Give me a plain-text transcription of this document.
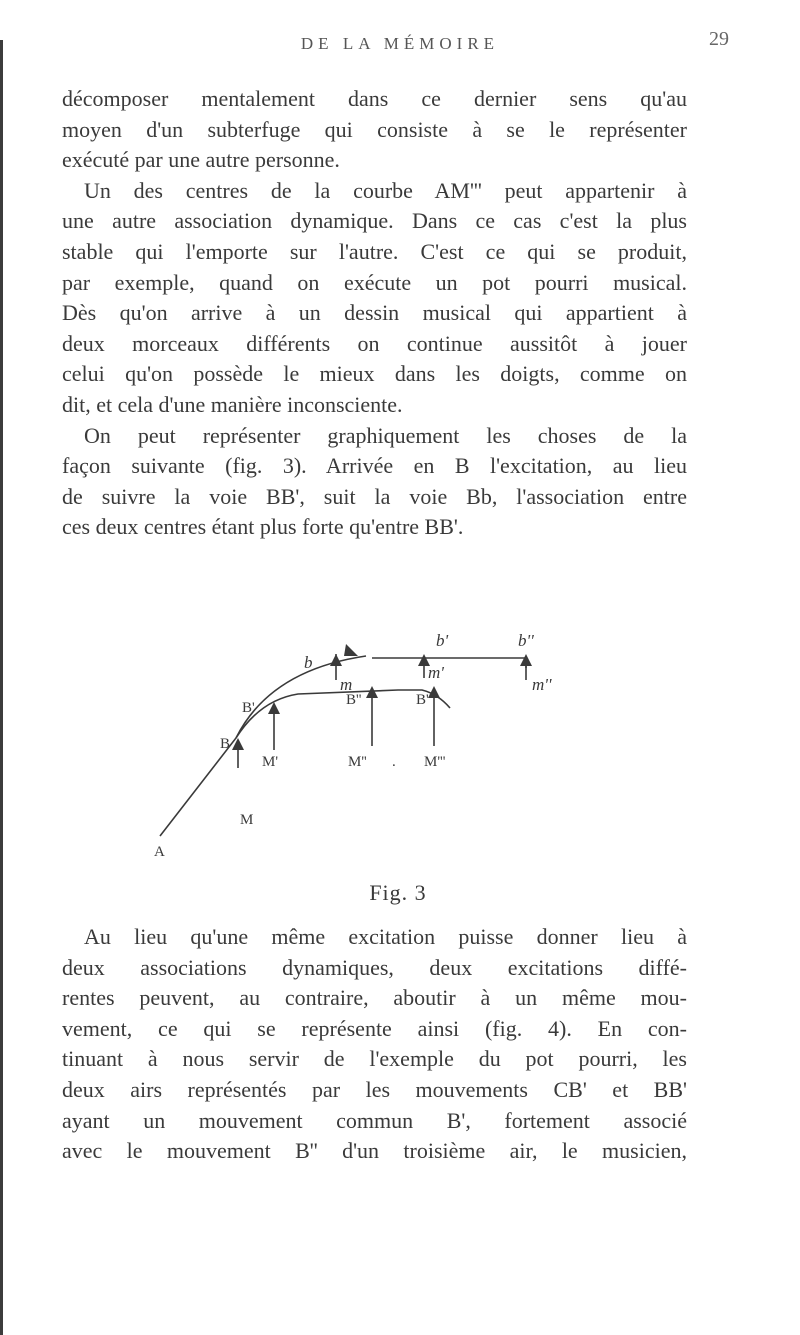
DE LA MÉMOIRE	29
décomposer mentalement dans ce dernier sens qu'au
moyen d'un subterfuge qui consiste à se le représenter
exécuté par une autre personne.
Un des centres de la courbe AM''' peut appartenir à
une autre association dynamique. Dans ce cas c'est la plus
stable qui l'emporte sur l'autre. C'est ce qui se produit,
par exemple, quand on exécute un pot pourri musical.
Dès qu'on arrive à un dessin musical qui appartient à
deux morceaux différents on continue aussitôt à jouer
celui qu'on possède le mieux dans les doigts, comme on
dit, et cela d'une manière inconsciente.
On peut représenter graphiquement les choses de la
façon suivante (fig. 3). Arrivée en B l'excitation, au lieu
de suivre la voie BB', suit la voie Bb, l'association entre
ces deux centres étant plus forte qu'entre BB'.
b'	b''
b
m
m'
m''
B'	B''	B'''
B
M'	M'' . M'''
M
A
Fig. 3
Au lieu qu'une même excitation puisse donner lieu à
deux associations dynamiques, deux excitations diffé-
rentes peuvent, au contraire, aboutir à un même mou-
vement, ce qui se représente ainsi (fig. 4). En con-
tinuant à nous servir de l'exemple du pot pourri, les
deux airs représentés par les mouvements CB' et BB'
ayant un mouvement commun B', fortement associé
avec le mouvement B'' d'un troisième air, le musicien,
